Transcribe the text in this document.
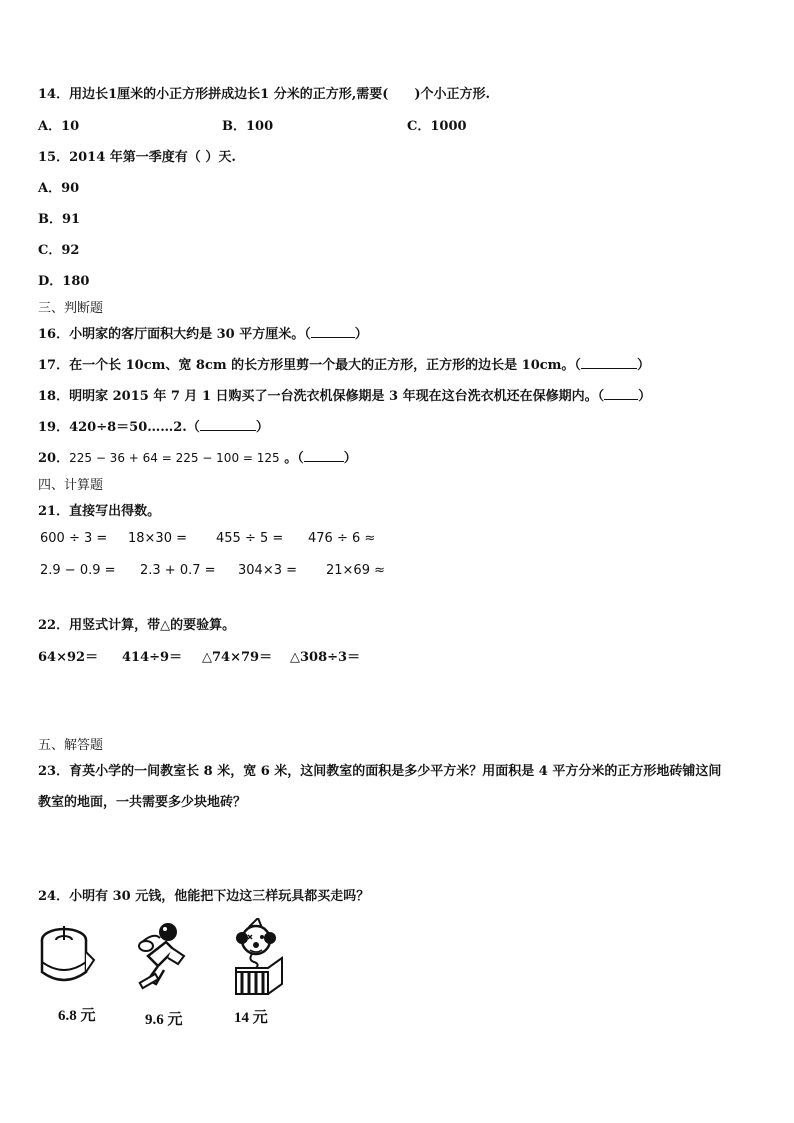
14．用边长1厘米的小正方形拼成边长1 分米的正方形,需要(　　)个小正方形.
A．10	B．100	C．1000
15．2014 年第一季度有（ ）天.
A．90
B．91
C．92
D．180
三、判断题
16．小明家的客厅面积大约是 30 平方厘米。（	）
17．在一个长 10cm、宽 8cm 的长方形里剪一个最大的正方形，正方形的边长是 10cm。（	）
18．明明家 2015 年 7 月 1 日购买了一台洗衣机保修期是 3 年现在这台洗衣机还在保修期内。（	）
19．420÷8＝50……2.（	）
20．225 − 36 + 64 = 225 − 100 = 125 。（	）
四、计算题
21．直接写出得数。
600 ÷ 3 = 18×30 = 455 ÷ 5 = 476 ÷ 6 ≈
2.9 − 0.9 = 2.3 + 0.7 = 304×3 = 21×69 ≈
22．用竖式计算，带△的要验算。
64×92＝ 414÷9＝ △74×79＝ △308÷3＝
五、解答题
23．育英小学的一间教室长 8 米，宽 6 米，这间教室的面积是多少平方米？用面积是 4 平方分米的正方形地砖铺这间
教室的地面，一共需要多少块地砖？
24．小明有 30 元钱，他能把下边这三样玩具都买走吗？
6.8 元	9.6 元	14 元
